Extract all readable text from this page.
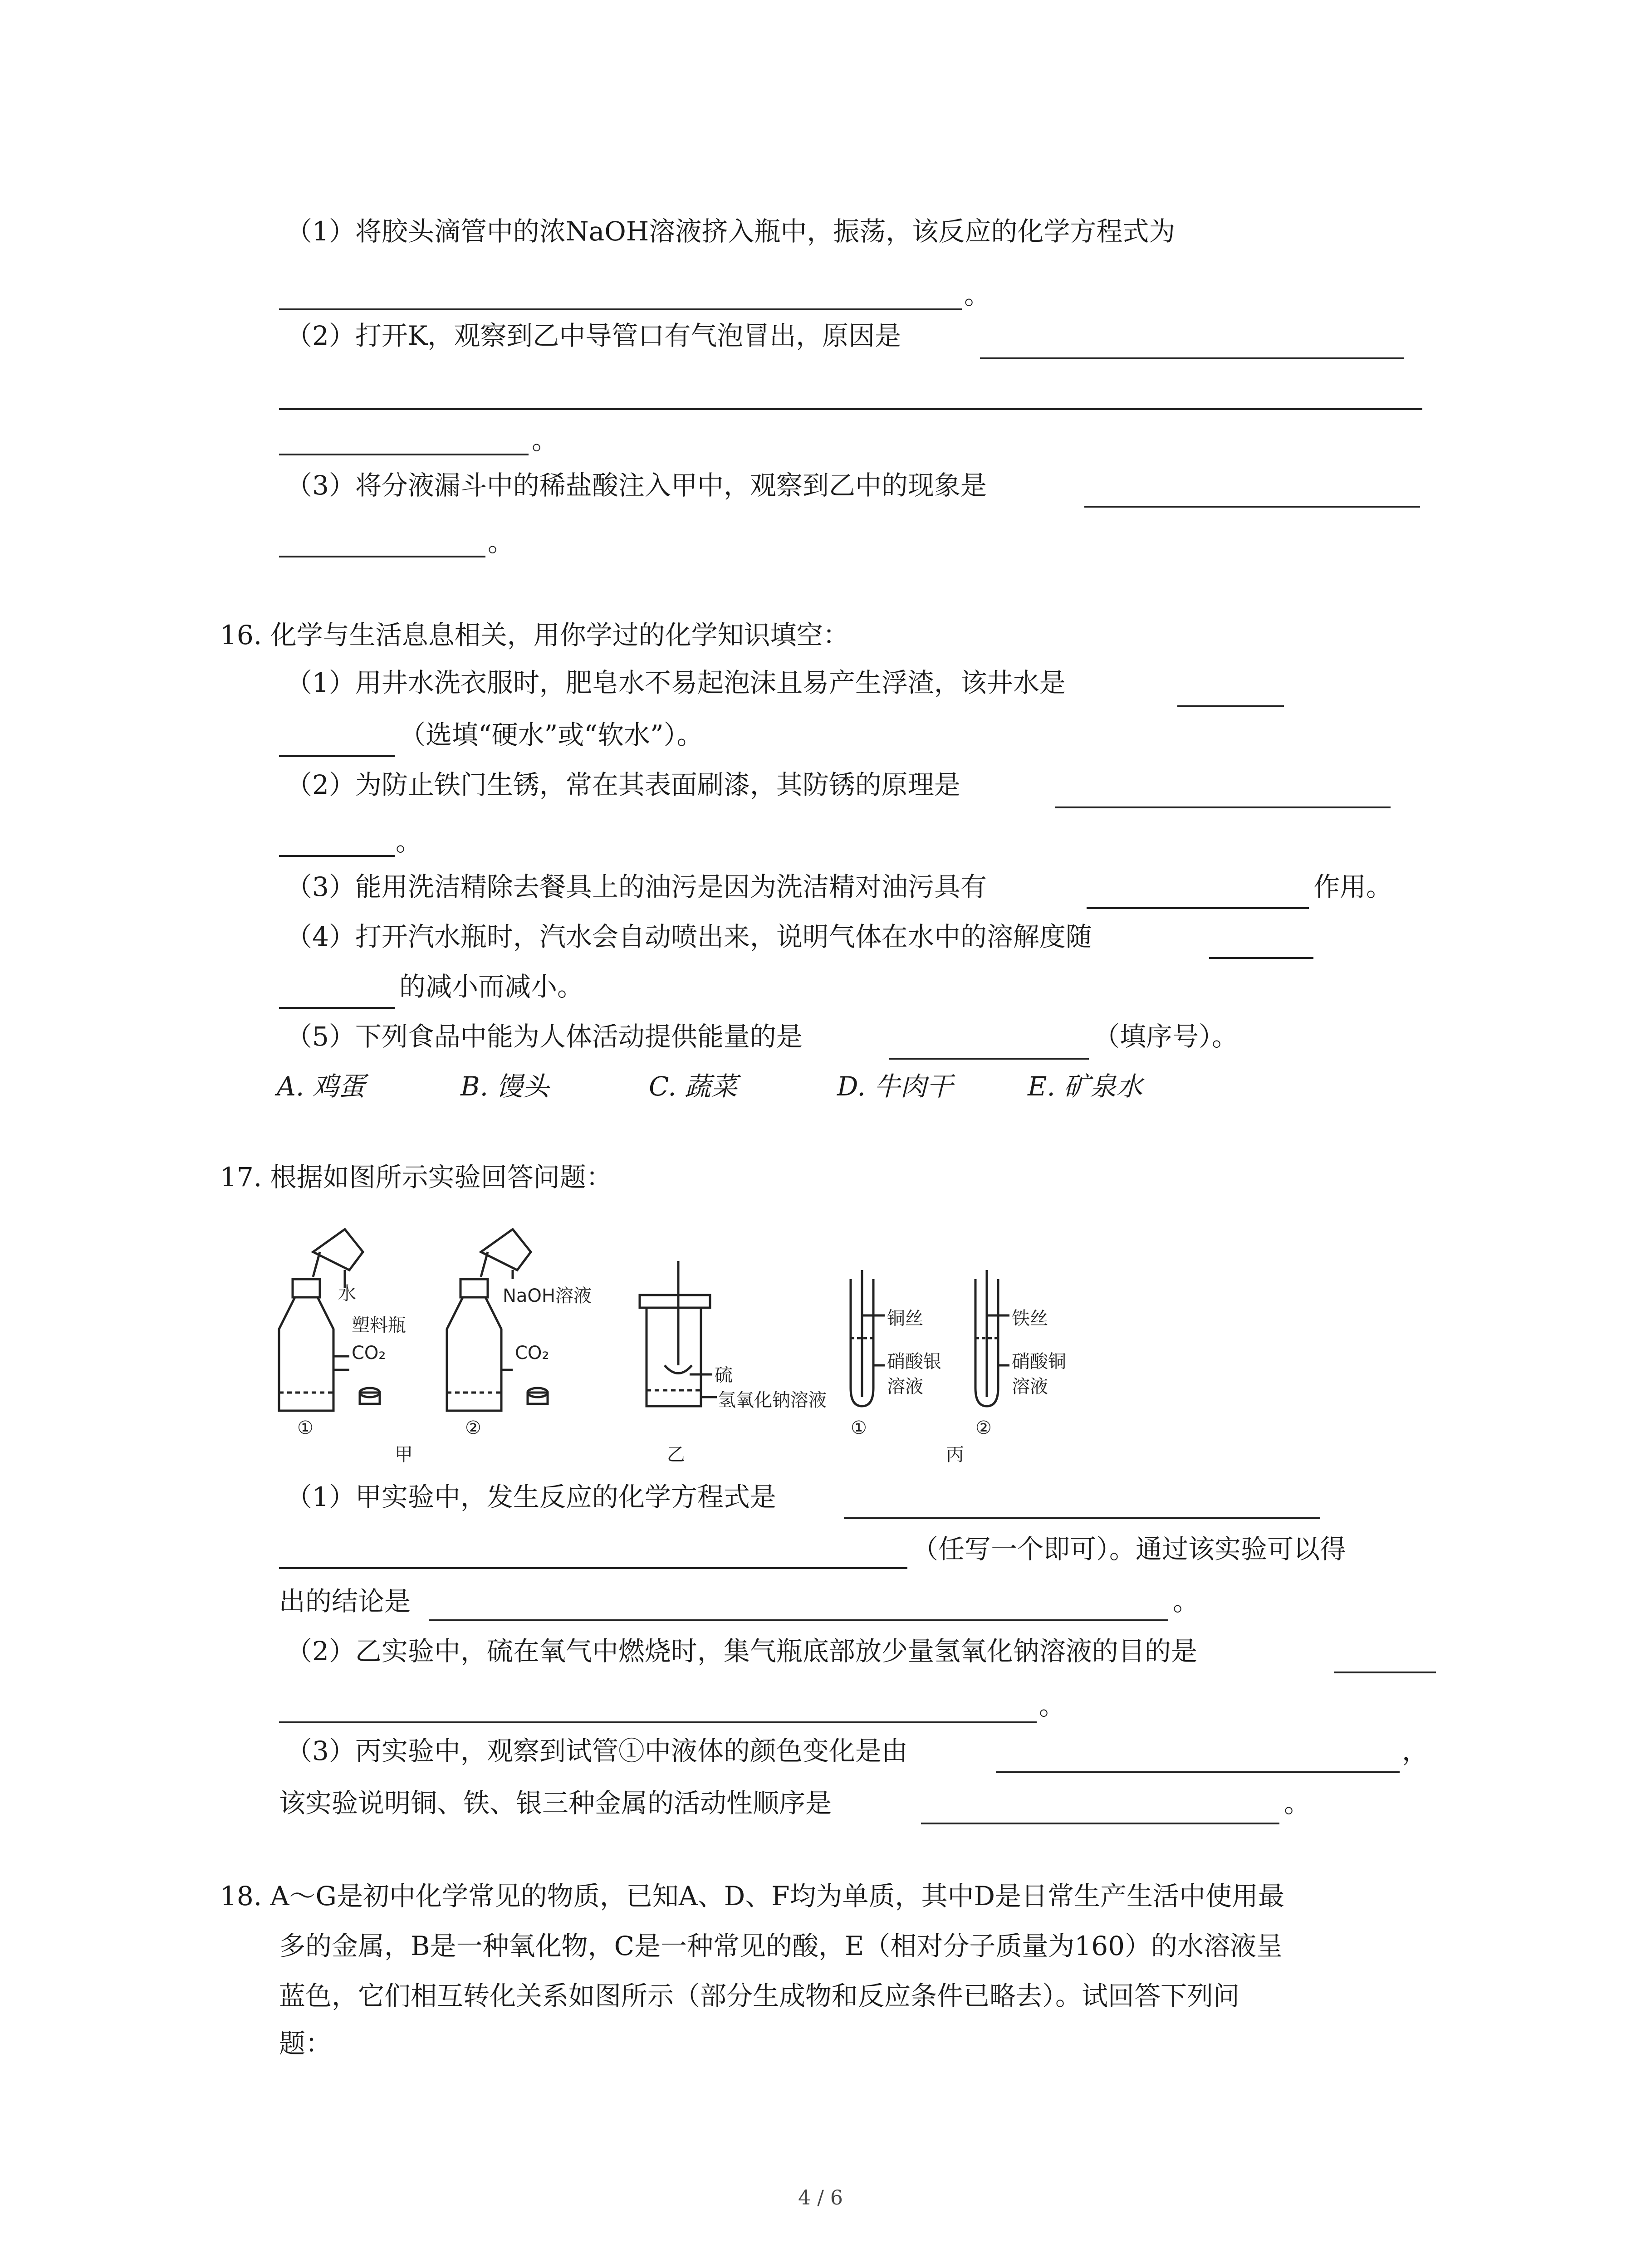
（1）将胶头滴管中的浓NaOH溶液挤入瓶中，振荡，该反应的化学方程式为
。
（2）打开K，观察到乙中导管口有气泡冒出，原因是
。
（3）将分液漏斗中的稀盐酸注入甲中，观察到乙中的现象是
。
16. 化学与生活息息相关，用你学过的化学知识填空：
（1）用井水洗衣服时，肥皂水不易起泡沫且易产生浮渣，该井水是
（选填“硬水”或“软水”）。
（2）为防止铁门生锈，常在其表面刷漆，其防锈的原理是
。
（3）能用洗洁精除去餐具上的油污是因为洗洁精对油污具有	作用。
（4）打开汽水瓶时，汽水会自动喷出来，说明气体在水中的溶解度随
的减小而减小。
（5）下列食品中能为人体活动提供能量的是	（填序号）。
A. 鸡蛋	B. 馒头	C. 蔬菜	D. 牛肉干	E. 矿泉水
17. 根据如图所示实验回答问题：
水
塑料瓶
CO₂
NaOH溶液
CO₂
①	②
甲
硫
氢氧化钠溶液
乙
铜丝
硝酸银
溶液
铁丝
硝酸铜
溶液
①	②
丙
（1）甲实验中，发生反应的化学方程式是
（任写一个即可）。通过该实验可以得
出的结论是	。
（2）乙实验中，硫在氧气中燃烧时，集气瓶底部放少量氢氧化钠溶液的目的是
。
（3）丙实验中，观察到试管①中液体的颜色变化是由	，
该实验说明铜、铁、银三种金属的活动性顺序是	。
18. A～G是初中化学常见的物质，已知A、D、F均为单质，其中D是日常生产生活中使用最
多的金属，B是一种氧化物，C是一种常见的酸，E（相对分子质量为160）的水溶液呈
蓝色，它们相互转化关系如图所示（部分生成物和反应条件已略去）。试回答下列问
题：
4 / 6
